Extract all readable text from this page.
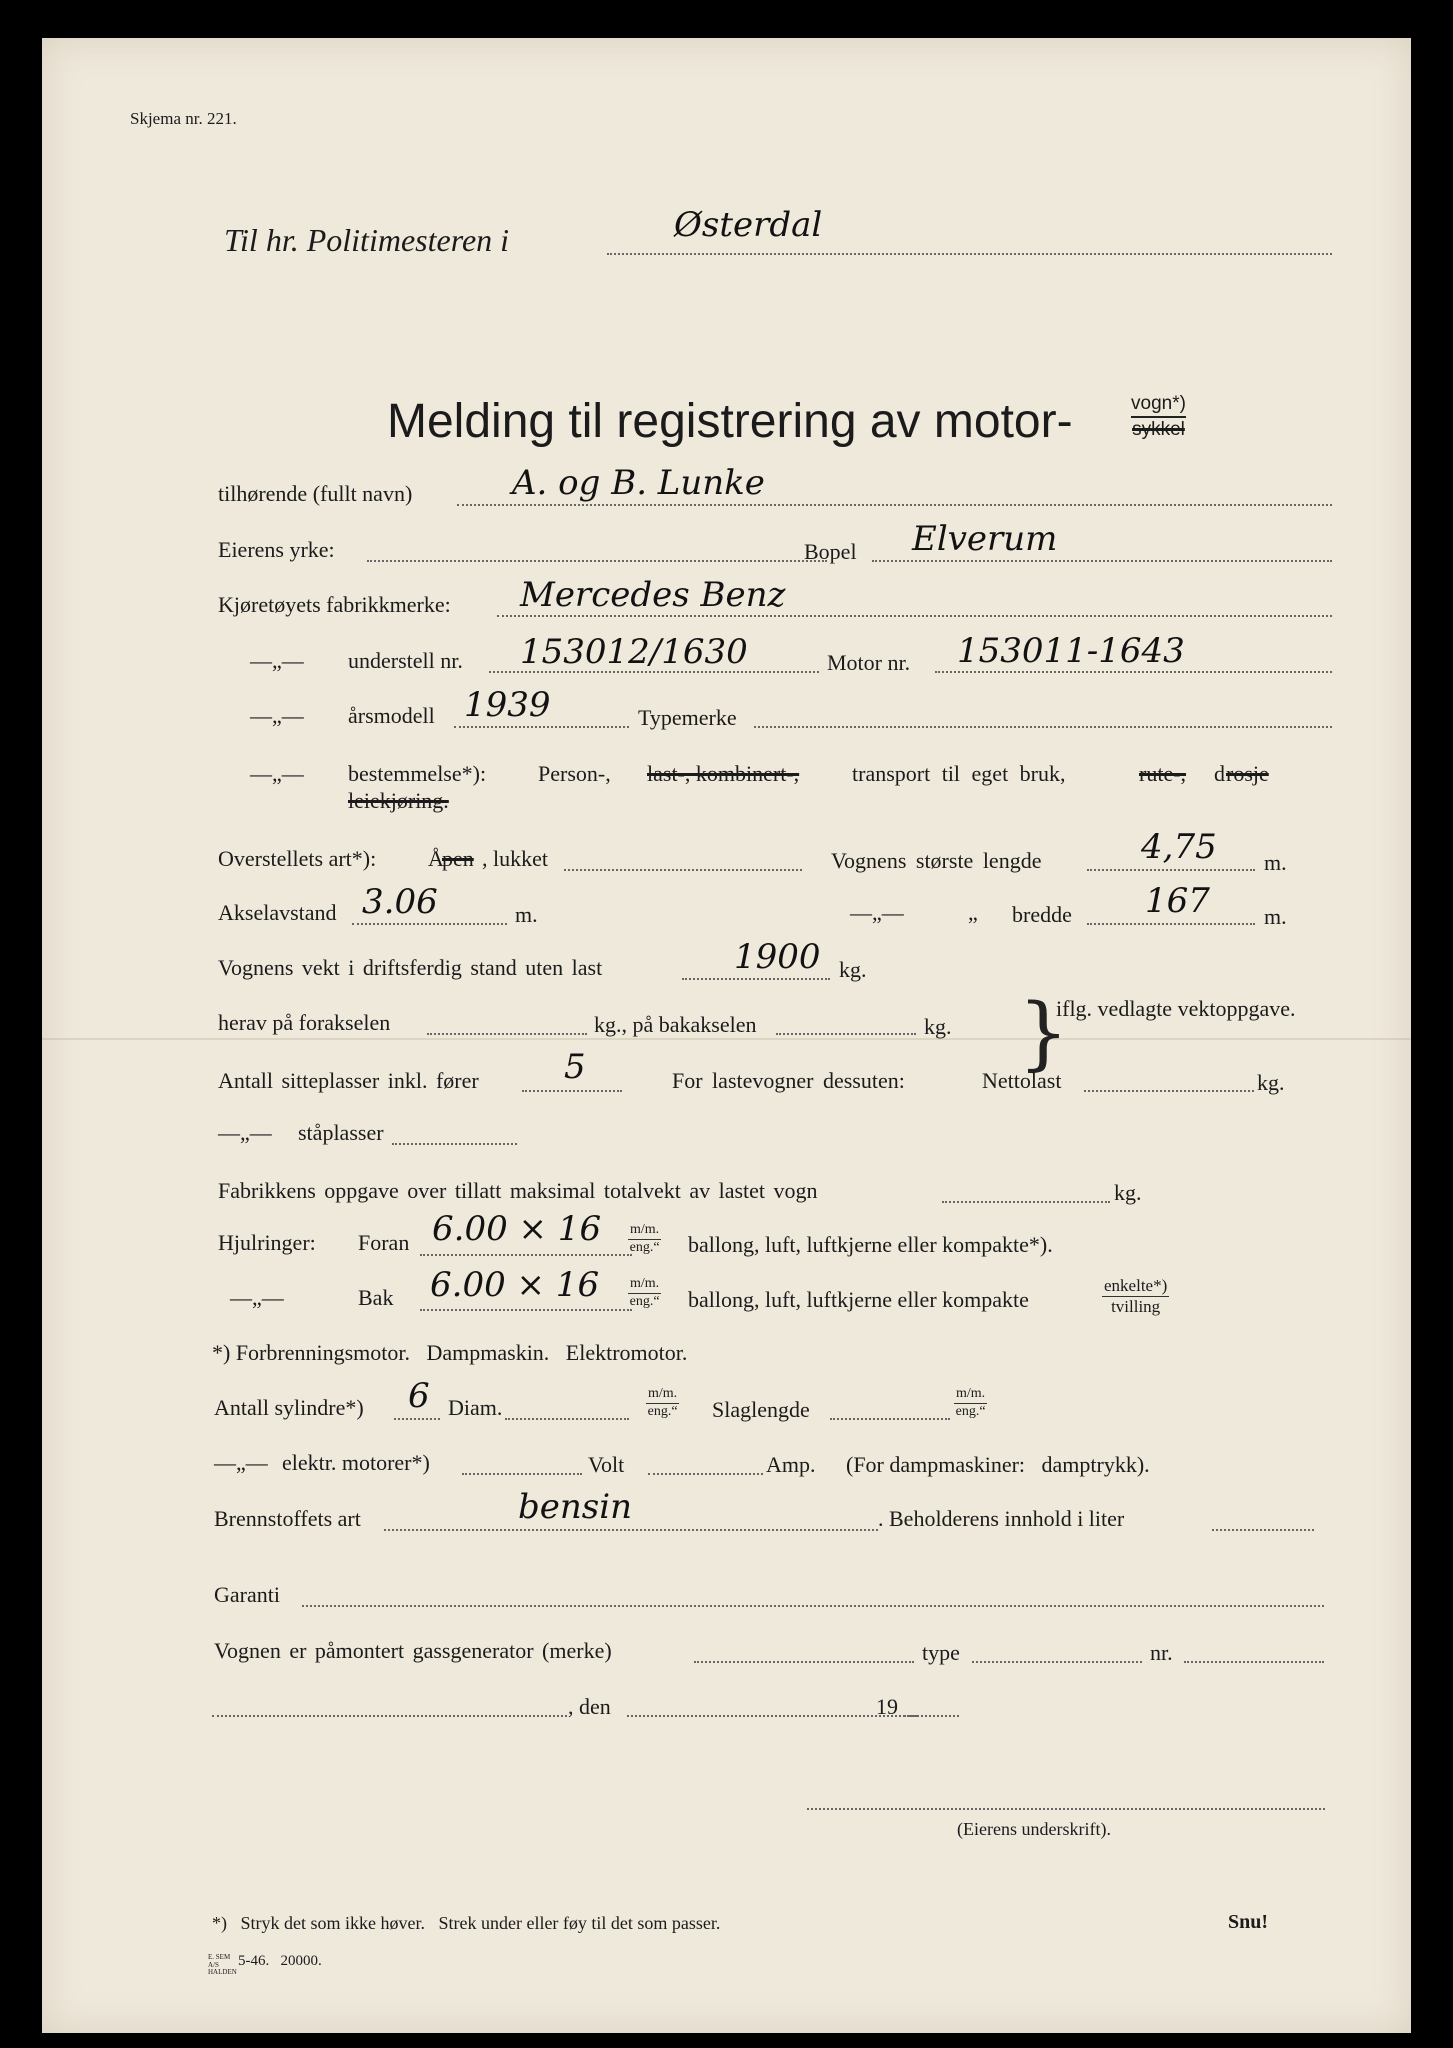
Skjema nr. 221.
Til hr. Politimesteren i	Østerdal
Melding til registrering av motor-	vogn*)
sykkel
tilhørende (fullt navn)	A. og B. Lunke
Eierens yrke:	Bopel Elverum
Kjøretøyets fabrikkmerke: Mercedes Benz
—„— understell nr. 153012/1630	Motor nr. 153011-1643
—„— årsmodell 1939	Typemerke
—„— bestemmelse*): Person-, last-, kombinert-, transport til eget bruk,	rute-, d rosje
leiekjøring.
Overstellets art*): Å
pen , lukket	Vognens største lengde	4,75 m.
Akselavstand 3.06	m.	—„—	„ bredde 167 m.
Vognens vekt i driftsferdig stand uten last	1900 kg.
}
iflg. vedlagte vektoppgave.
herav på forakselen	kg., på bakakselen	kg.
Antall sitteplasser inkl. fører	5	For lastevogner dessuten:	Nettolast	kg.
—„— ståplasser
Fabrikkens oppgave over tillatt maksimal totalvekt av lastet vogn	kg.
Hjulringer: Foran 6.00 × 16 m/m.
eng.“ ballong, luft, luftkjerne eller kompakte*).
—„—	Bak 6.00 × 16 m/m.
eng.“ ballong, luft, luftkjerne eller kompakte
enkelte*)
tvilling
*) Forbrenningsmotor.   Dampmaskin.   Elektromotor.
Antall sylindre*) 6 Diam.
m/m.
eng.“ Slaglengde
m/m.
eng.“
—„— elektr. motorer*)	Volt	Amp. (For dampmaskiner:   damptrykk).
Brennstoffets art	bensin	. Beholderens innhold i liter
Garanti
Vognen er påmontert gassgenerator (merke)	type	nr.
, den	19
(Eierens underskrift).
*)   Stryk det som ikke høver.   Strek under eller føy til det som passer.	Snu!
E. SEM A/S HALDEN
5-46.   20000.
